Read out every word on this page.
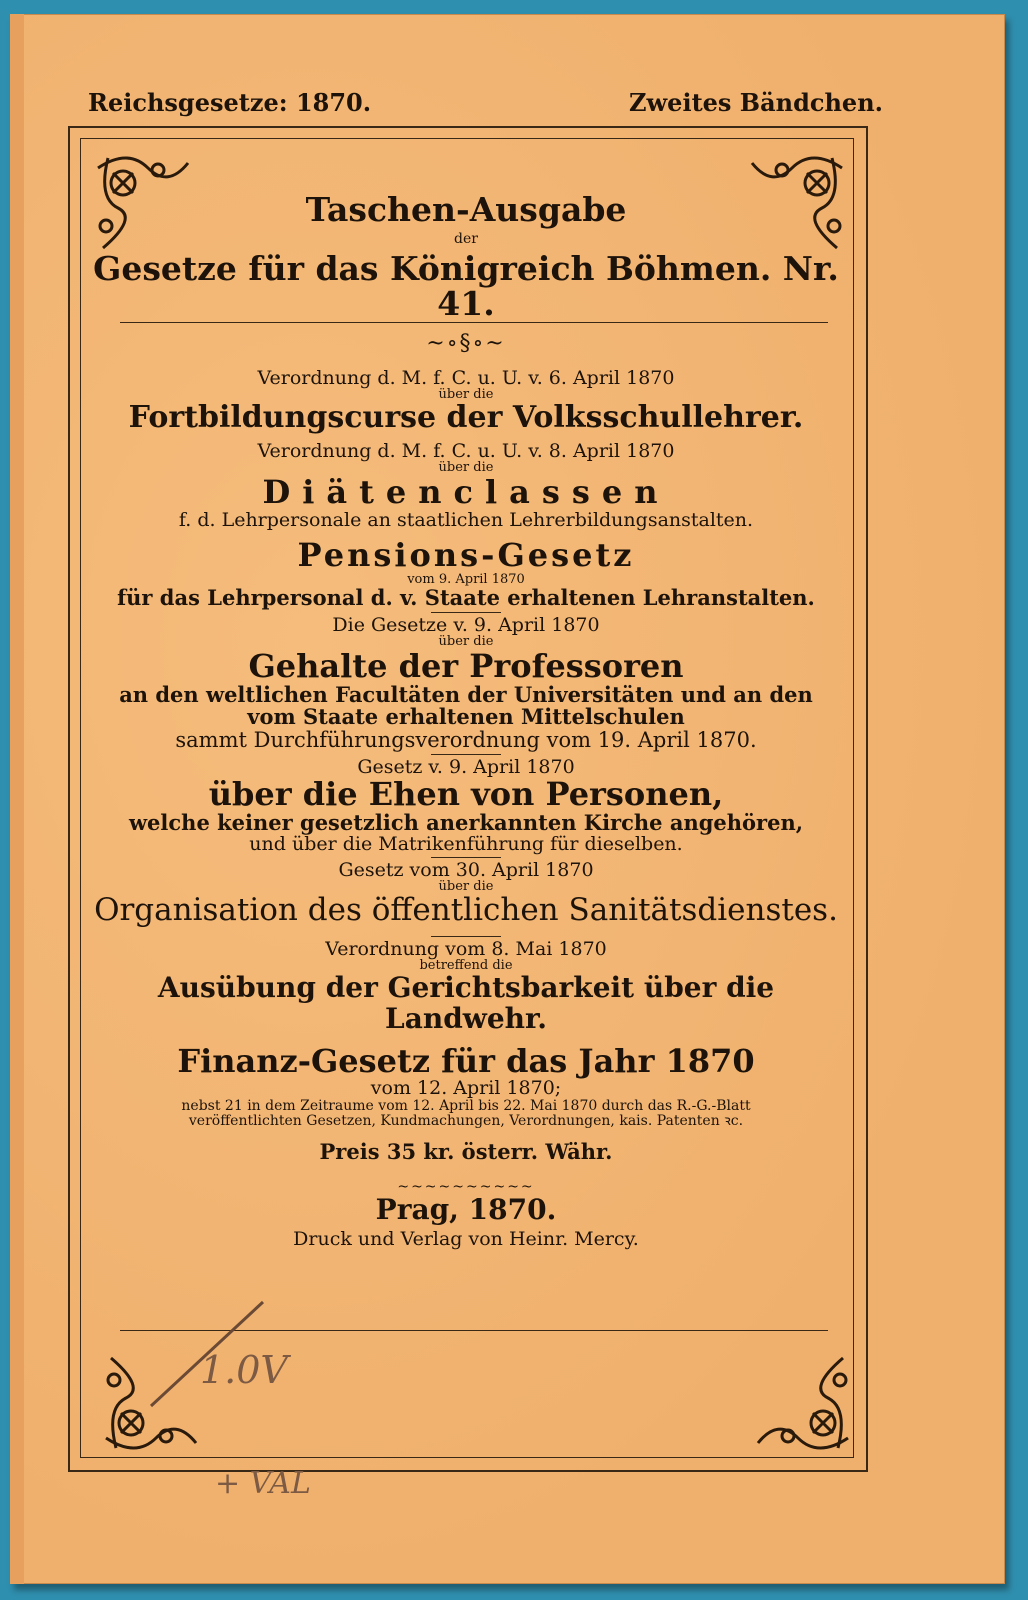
Reichsgesetze: 1870.	Zweites Bändchen.
Taschen-Ausgabe
der
Gesetze für das Königreich Böhmen. Nr. 41.
~∘§∘~
Verordnung d. M. f. C. u. U. v. 6. April 1870
über die
Fortbildungscurse der Volksschullehrer.
Verordnung d. M. f. C. u. U. v. 8. April 1870
über die
Diätenclassen
f. d. Lehrpersonale an staatlichen Lehrerbildungsanstalten.
Pensions-Gesetz
vom 9. April 1870
für das Lehrpersonal d. v. Staate erhaltenen Lehranstalten.
Die Gesetze v. 9. April 1870
über die
Gehalte der Professoren
an den weltlichen Facultäten der Universitäten und an den
vom Staate erhaltenen Mittelschulen
sammt Durchführungsverordnung vom 19. April 1870.
Gesetz v. 9. April 1870
über die Ehen von Personen,
welche keiner gesetzlich anerkannten Kirche angehören,
und über die Matrikenführung für dieselben.
Gesetz vom 30. April 1870
über die
Organisation des öffentlichen Sanitätsdienstes.
Verordnung vom 8. Mai 1870
betreffend die
Ausübung der Gerichtsbarkeit über die Landwehr.
Finanz-Gesetz für das Jahr 1870
vom 12. April 1870;
nebst 21 in dem Zeitraume vom 12. April bis 22. Mai 1870 durch das R.-G.-Blatt
veröffentlichten Gesetzen, Kundmachungen, Verordnungen, kais. Patenten ꝛc.
Preis 35 kr. österr. Währ.
~~~~~~~~~~
Prag, 1870.
Druck und Verlag von Heinr. Mercy.
1.0V
+ VAL
